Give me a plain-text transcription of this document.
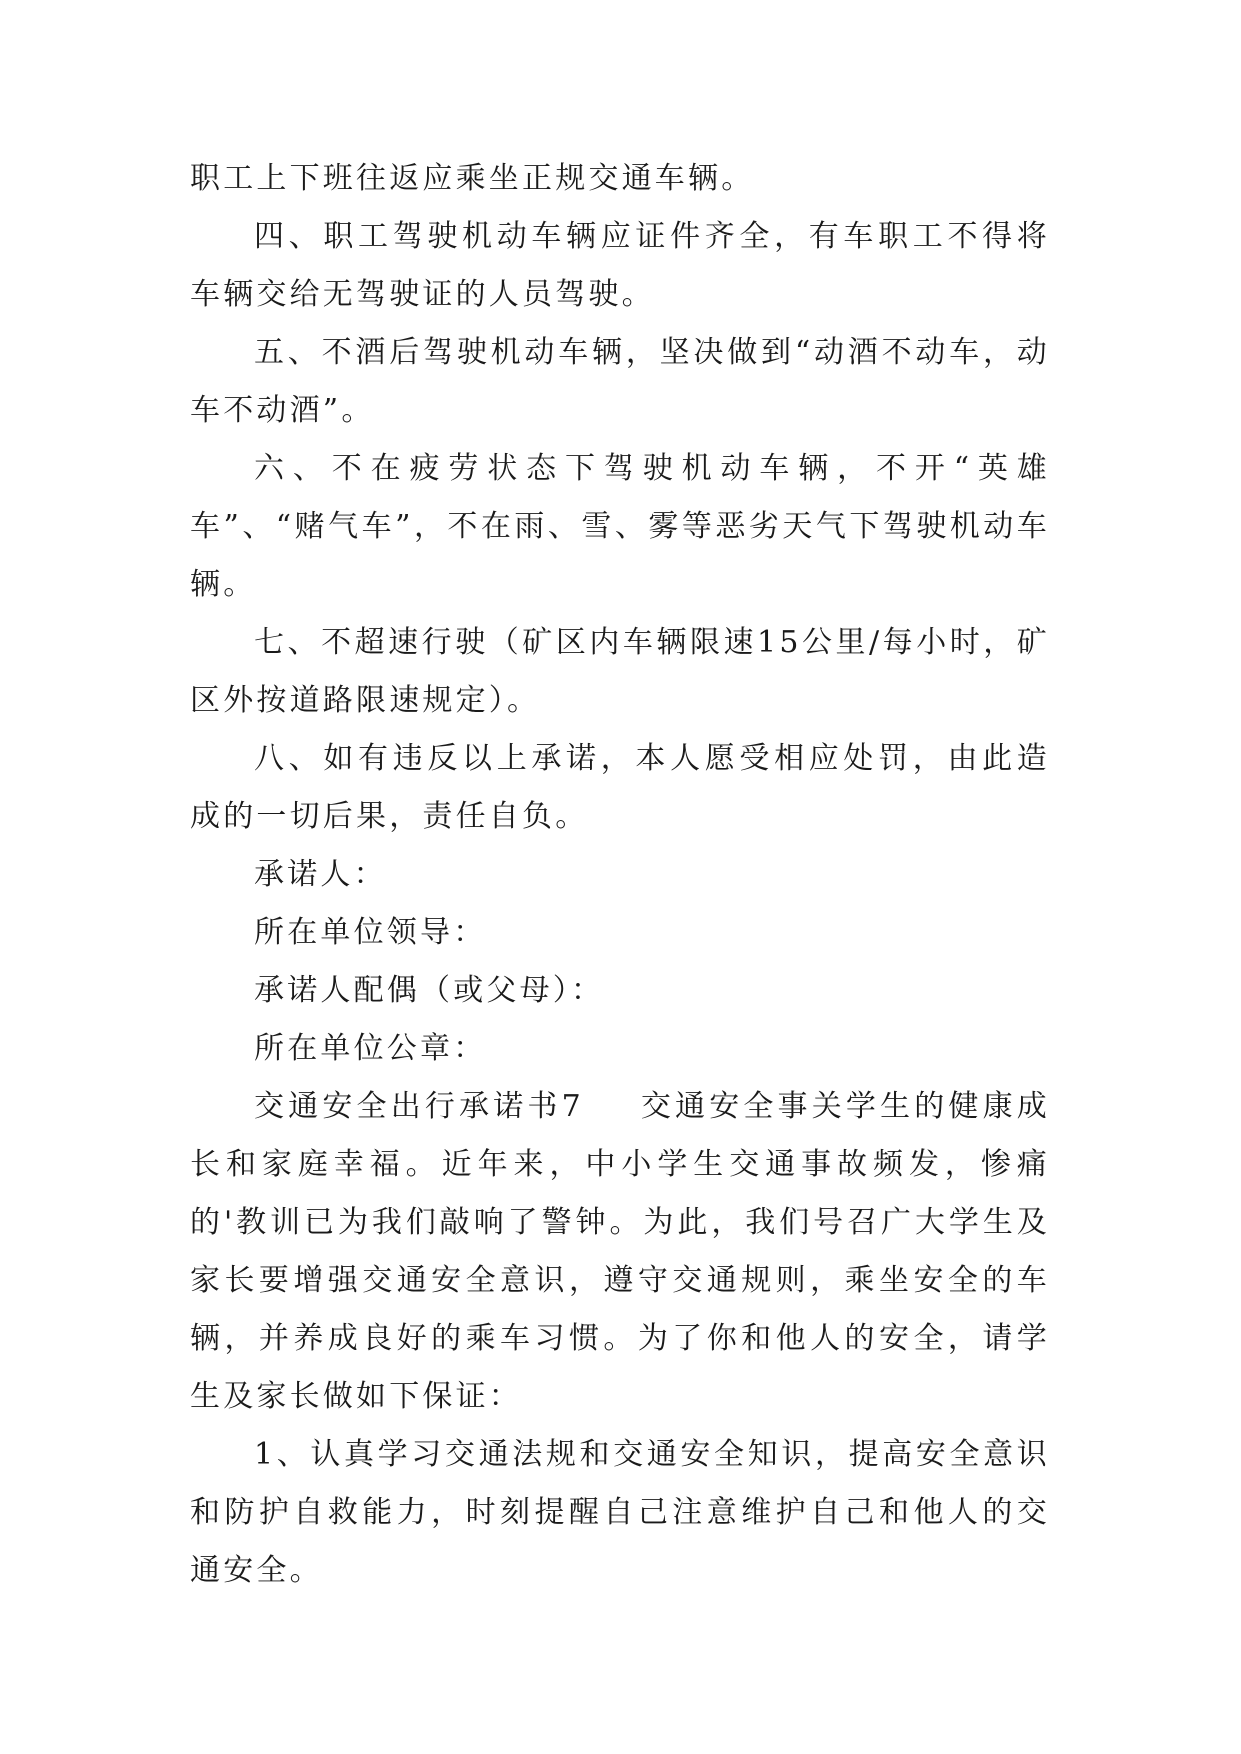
职工上下班往返应乘坐正规交通车辆。

四、职工驾驶机动车辆应证件齐全，有车职工不得将车辆交给无驾驶证的人员驾驶。

五、不酒后驾驶机动车辆，坚决做到“动酒不动车，动车不动酒”。

六、不在疲劳状态下驾驶机动车辆，不开“英雄车”、“赌气车”，不在雨、雪、雾等恶劣天气下驾驶机动车辆。

七、不超速行驶（矿区内车辆限速15公里/每小时，矿区外按道路限速规定）。

八、如有违反以上承诺，本人愿受相应处罚，由此造成的一切后果，责任自负。

承诺人：

所在单位领导：

承诺人配偶（或父母）：

所在单位公章：

交通安全出行承诺书7 交通安全事关学生的健康成长和家庭幸福。近年来，中小学生交通事故频发，惨痛的'教训已为我们敲响了警钟。为此，我们号召广大学生及家长要增强交通安全意识，遵守交通规则，乘坐安全的车辆，并养成良好的乘车习惯。为了你和他人的安全，请学生及家长做如下保证：

1、认真学习交通法规和交通安全知识，提高安全意识和防护自救能力，时刻提醒自己注意维护自己和他人的交通安全。
